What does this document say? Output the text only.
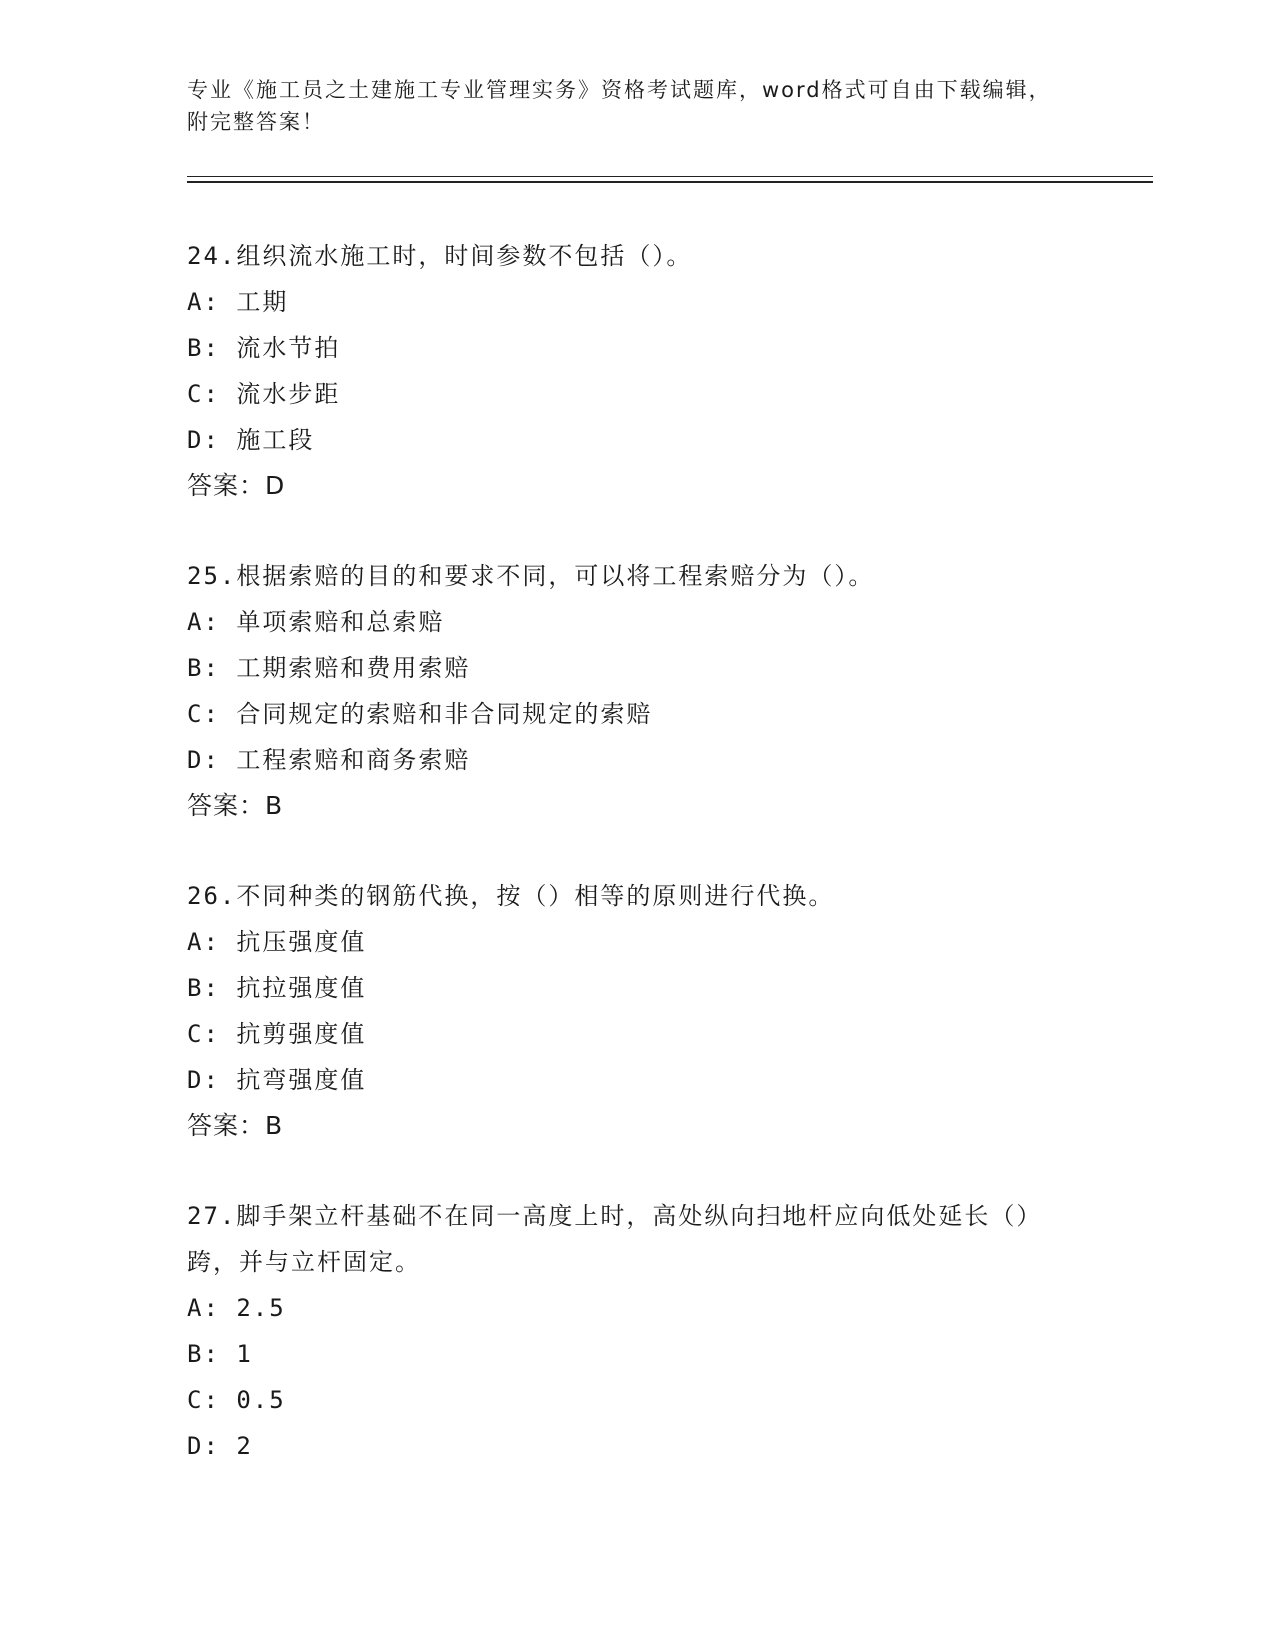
专业《施工员之土建施工专业管理实务》资格考试题库，word格式可自由下载编辑，附完整答案！

24.组织流水施工时，时间参数不包括（）。

A: 工期

B: 流水节拍

C: 流水步距

D: 施工段

答案：D

25.根据索赔的目的和要求不同，可以将工程索赔分为（）。

A: 单项索赔和总索赔

B: 工期索赔和费用索赔

C: 合同规定的索赔和非合同规定的索赔

D: 工程索赔和商务索赔

答案：B

26.不同种类的钢筋代换，按（）相等的原则进行代换。

A: 抗压强度值

B: 抗拉强度值

C: 抗剪强度值

D: 抗弯强度值

答案：B

27.脚手架立杆基础不在同一高度上时，高处纵向扫地杆应向低处延长（）跨，并与立杆固定。

A: 2.5

B: 1

C: 0.5

D: 2
